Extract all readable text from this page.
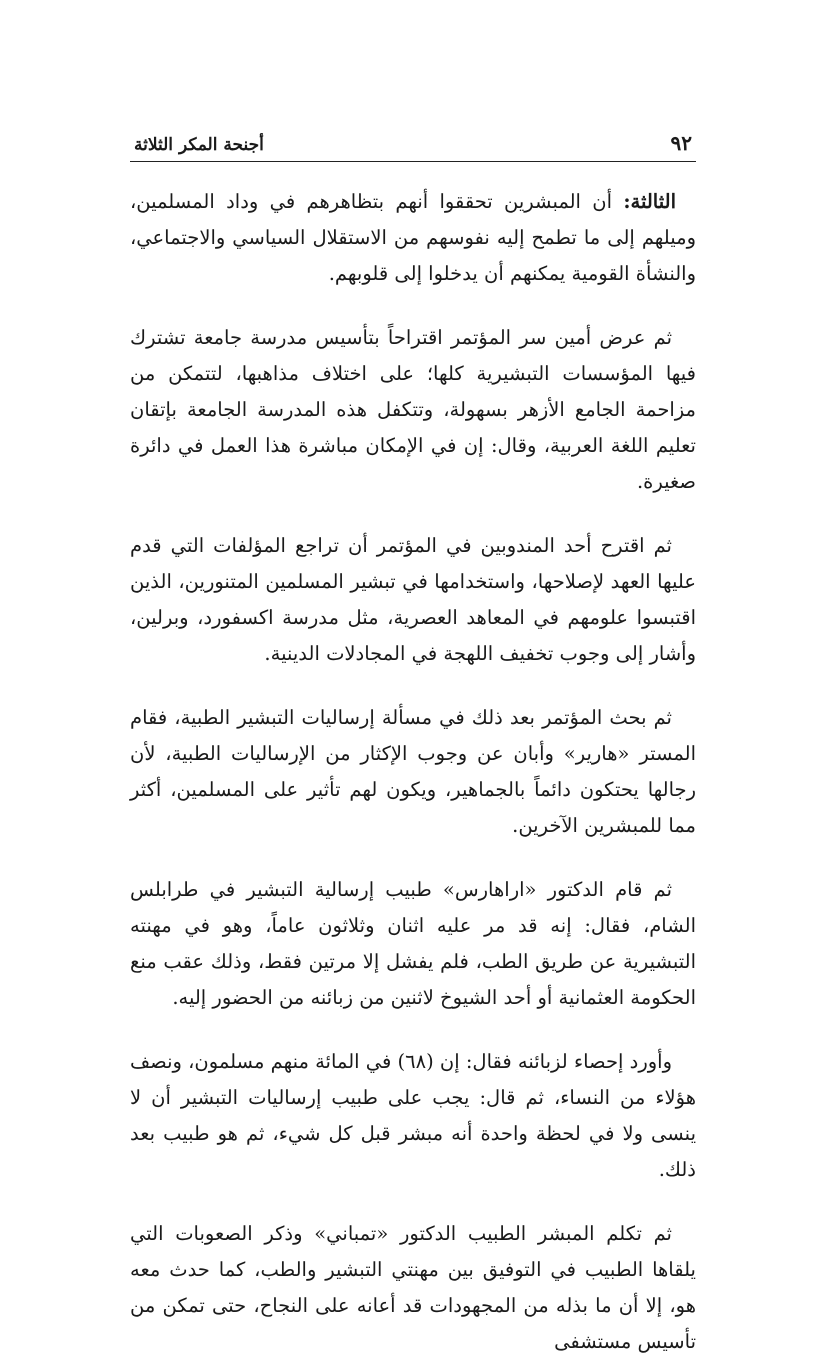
٩٢
أجنحة المكر الثلاثة

الثالثة: أن المبشرين تحققوا أنهم بتظاهرهم في وداد المسلمين، وميلهم إلى ما تطمح إليه نفوسهم من الاستقلال السياسي والاجتماعي، والنشأة القومية يمكنهم أن يدخلوا إلى قلوبهم.

ثم عرض أمين سر المؤتمر اقتراحاً بتأسيس مدرسة جامعة تشترك فيها المؤسسات التبشيرية كلها؛ على اختلاف مذاهبها، لتتمكن من مزاحمة الجامع الأزهر بسهولة، وتتكفل هذه المدرسة الجامعة بإتقان تعليم اللغة العربية، وقال: إن في الإمكان مباشرة هذا العمل في دائرة صغيرة.

ثم اقترح أحد المندوبين في المؤتمر أن تراجع المؤلفات التي قدم عليها العهد لإصلاحها، واستخدامها في تبشير المسلمين المتنورين، الذين اقتبسوا علومهم في المعاهد العصرية، مثل مدرسة اكسفورد، وبرلين، وأشار إلى وجوب تخفيف اللهجة في المجادلات الدينية.

ثم بحث المؤتمر بعد ذلك في مسألة إرساليات التبشير الطبية، فقام المستر «هارير» وأبان عن وجوب الإكثار من الإرساليات الطبية، لأن رجالها يحتكون دائماً بالجماهير، ويكون لهم تأثير على المسلمين، أكثر مما للمبشرين الآخرين.

ثم قام الدكتور «اراهارس» طبيب إرسالية التبشير في طرابلس الشام، فقال: إنه قد مر عليه اثنان وثلاثون عاماً، وهو في مهنته التبشيرية عن طريق الطب، فلم يفشل إلا مرتين فقط، وذلك عقب منع الحكومة العثمانية أو أحد الشيوخ لاثنين من زبائنه من الحضور إليه.

وأورد إحصاء لزبائنه فقال: إن (٦٨) في المائة منهم مسلمون، ونصف هؤلاء من النساء، ثم قال: يجب على طبيب إرساليات التبشير أن لا ينسى ولا في لحظة واحدة أنه مبشر قبل كل شيء، ثم هو طبيب بعد ذلك.

ثم تكلم المبشر الطبيب الدكتور «تمباني» وذكر الصعوبات التي يلقاها الطبيب في التوفيق بين مهنتي التبشير والطب، كما حدث معه هو، إلا أن ما بذله من المجهودات قد أعانه على النجاح، حتى تمكن من تأسيس مستشفى
